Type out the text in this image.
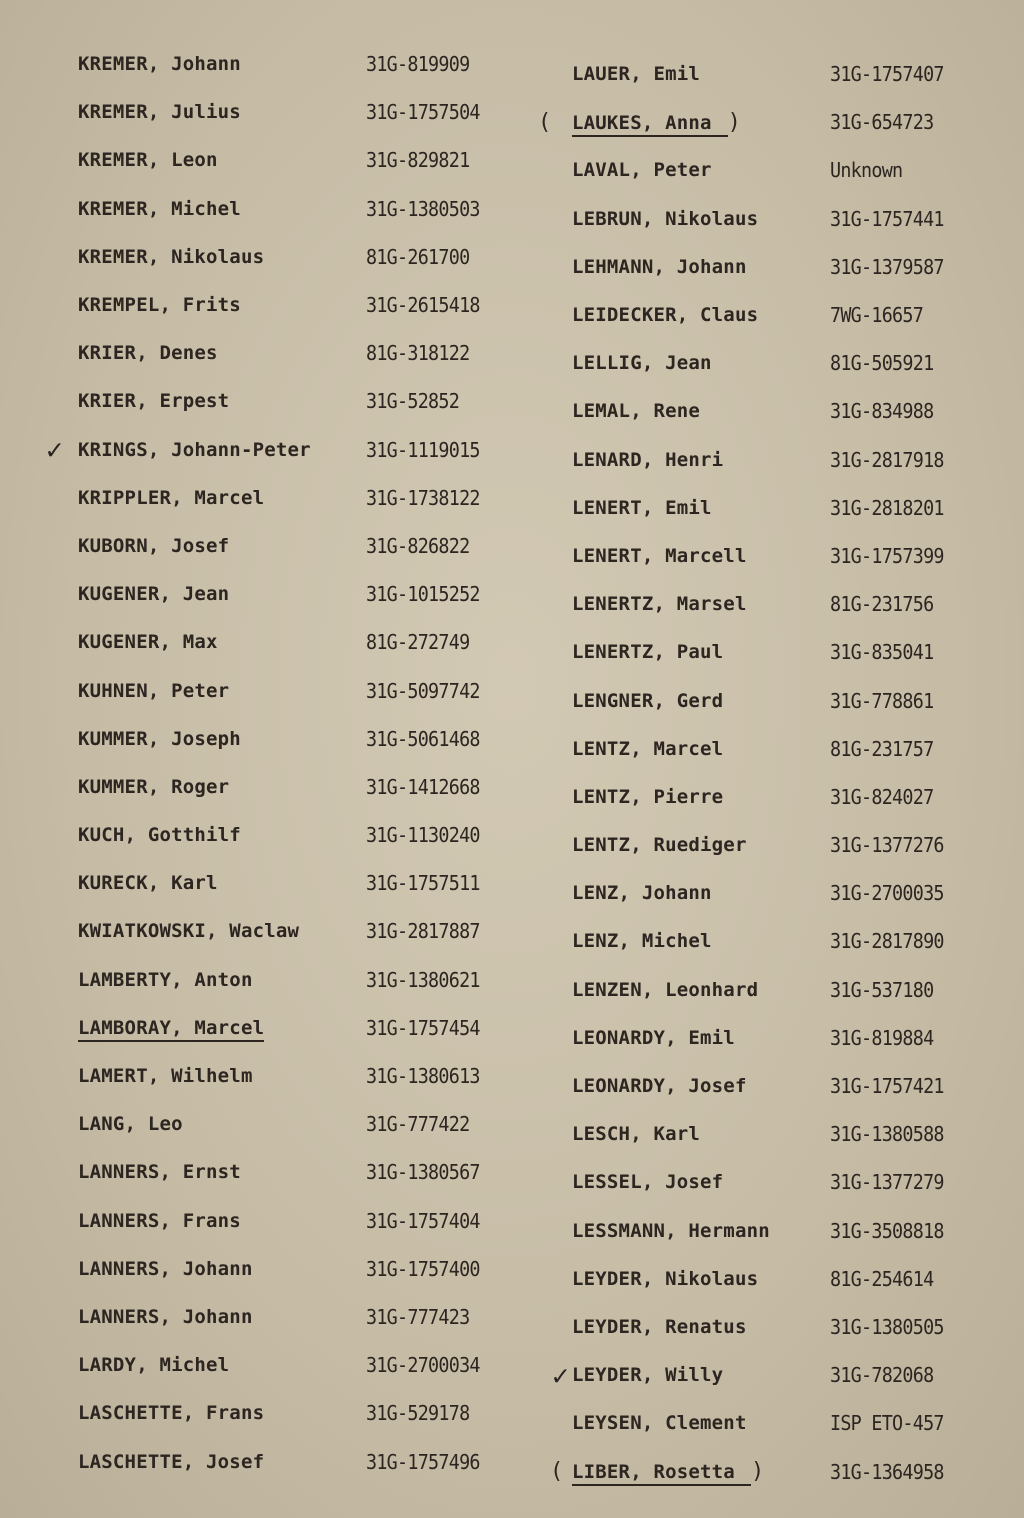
KREMER, Johann	31G-819909
KREMER, Julius	31G-1757504
KREMER, Leon	31G-829821
KREMER, Michel	31G-1380503
KREMER, Nikolaus	81G-261700
KREMPEL, Frits	31G-2615418
KRIER, Denes	81G-318122
KRIER, Erpest	31G-52852
✓ KRINGS, Johann-Peter	31G-1119015
KRIPPLER, Marcel	31G-1738122
KUBORN, Josef	31G-826822
KUGENER, Jean	31G-1015252
KUGENER, Max	81G-272749
KUHNEN, Peter	31G-5097742
KUMMER, Joseph	31G-5061468
KUMMER, Roger	31G-1412668
KUCH, Gotthilf	31G-1130240
KURECK, Karl	31G-1757511
KWIATKOWSKI, Waclaw	31G-2817887
LAMBERTY, Anton	31G-1380621
LAMBORAY, Marcel	31G-1757454
LAMERT, Wilhelm	31G-1380613
LANG, Leo	31G-777422
LANNERS, Ernst	31G-1380567
LANNERS, Frans	31G-1757404
LANNERS, Johann	31G-1757400
LANNERS, Johann	31G-777423
LARDY, Michel	31G-2700034
LASCHETTE, Frans	31G-529178
LASCHETTE, Josef	31G-1757496
LAUER, Emil	31G-1757407
( LAUKES, Anna )	31G-654723
LAVAL, Peter	Unknown
LEBRUN, Nikolaus	31G-1757441
LEHMANN, Johann	31G-1379587
LEIDECKER, Claus	7WG-16657
LELLIG, Jean	81G-505921
LEMAL, Rene	31G-834988
LENARD, Henri	31G-2817918
LENERT, Emil	31G-2818201
LENERT, Marcell	31G-1757399
LENERTZ, Marsel	81G-231756
LENERTZ, Paul	31G-835041
LENGNER, Gerd	31G-778861
LENTZ, Marcel	81G-231757
LENTZ, Pierre	31G-824027
LENTZ, Ruediger	31G-1377276
LENZ, Johann	31G-2700035
LENZ, Michel	31G-2817890
LENZEN, Leonhard	31G-537180
LEONARDY, Emil	31G-819884
LEONARDY, Josef	31G-1757421
LESCH, Karl	31G-1380588
LESSEL, Josef	31G-1377279
LESSMANN, Hermann	31G-3508818
LEYDER, Nikolaus	81G-254614
LEYDER, Renatus	31G-1380505
✓ LEYDER, Willy	31G-782068
LEYSEN, Clement	ISP ETO-457
( LIBER, Rosetta )	31G-1364958
